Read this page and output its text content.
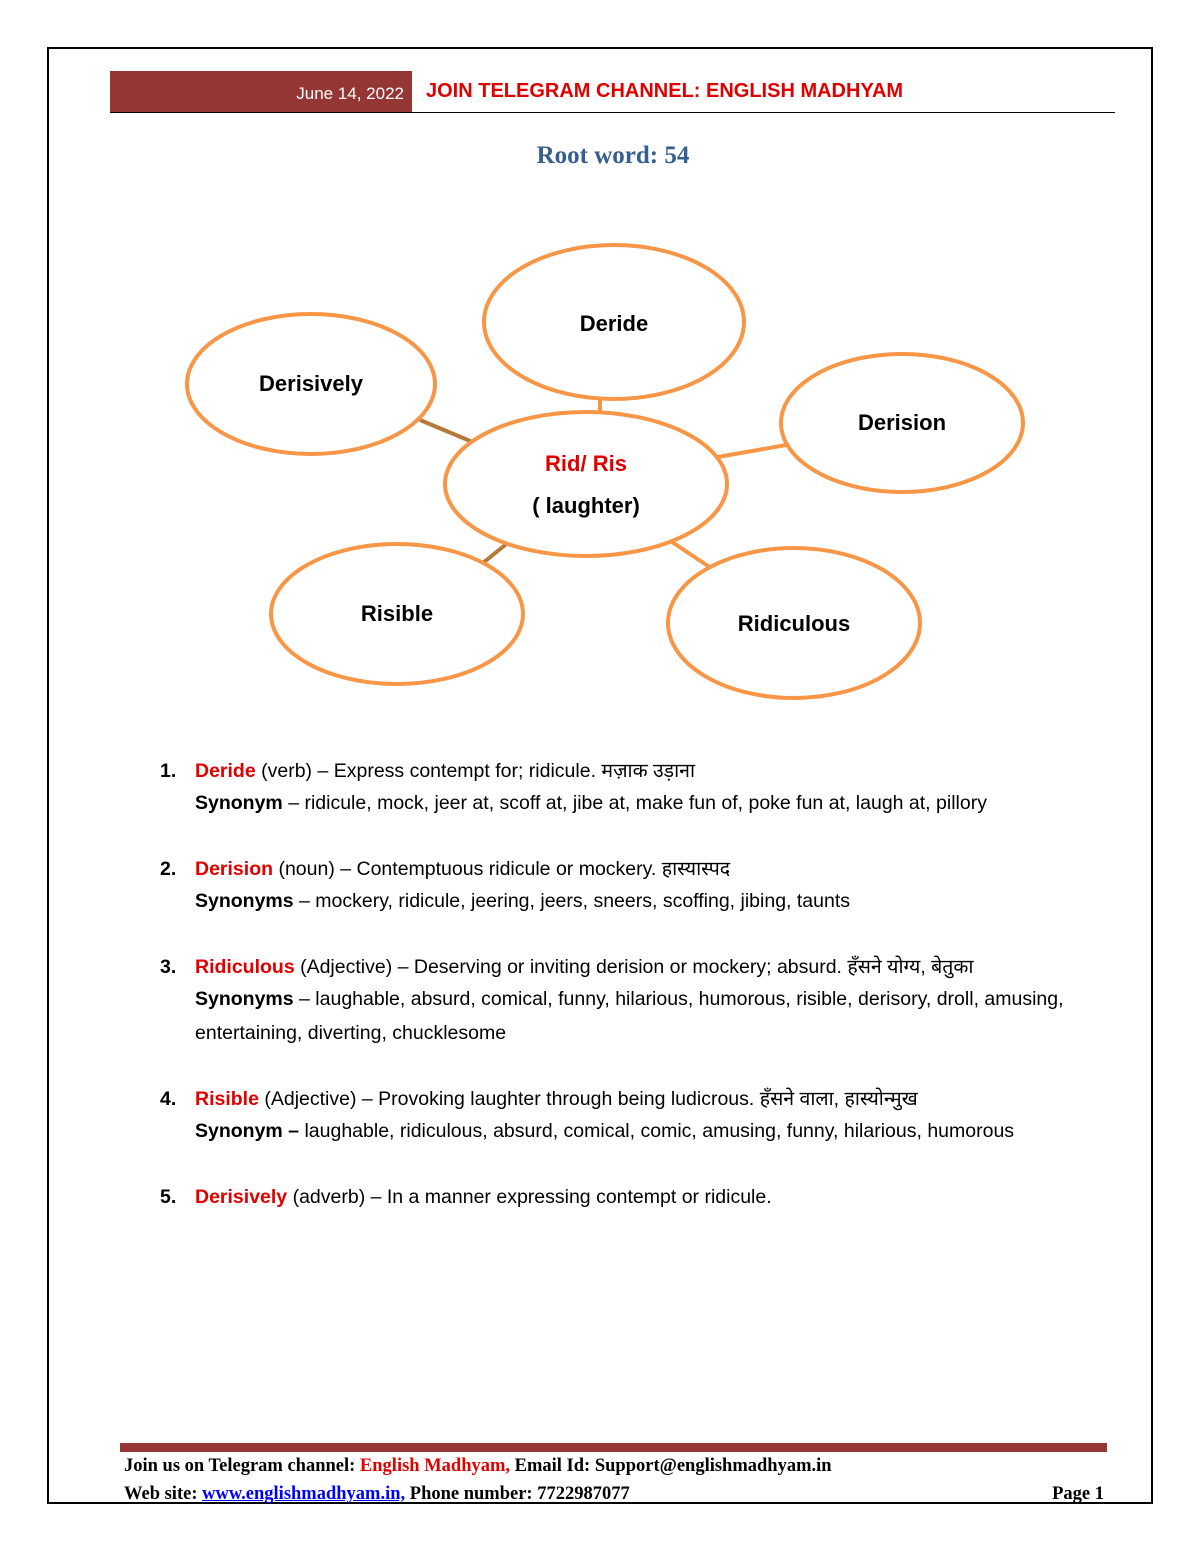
June 14, 2022 JOIN TELEGRAM CHANNEL: ENGLISH MADHYAM
Root word: 54
Deride
Derisively
Derision
Rid/ Ris
( laughter)
Risible	Ridiculous
1. Deride (verb) – Express contempt for; ridicule. मज़ाक उड़ाना
Synonym – ridicule, mock, jeer at, scoff at, jibe at, make fun of, poke fun at, laugh at, pillory
2. Derision (noun) – Contemptuous ridicule or mockery. हास्यास्पद
Synonyms – mockery, ridicule, jeering, jeers, sneers, scoffing, jibing, taunts
3. Ridiculous (Adjective) – Deserving or inviting derision or mockery; absurd. हँसने योग्य, बेतुका
Synonyms – laughable, absurd, comical, funny, hilarious, humorous, risible, derisory, droll, amusing, entertaining, diverting, chucklesome
4. Risible (Adjective) – Provoking laughter through being ludicrous. हँसने वाला, हास्योन्मुख
Synonym – laughable, ridiculous, absurd, comical, comic, amusing, funny, hilarious, humorous
5. Derisively (adverb) – In a manner expressing contempt or ridicule.
Join us on Telegram channel: English Madhyam, Email Id: Support@englishmadhyam.in
Web site: www.englishmadhyam.in, Phone number: 7722987077	Page 1
